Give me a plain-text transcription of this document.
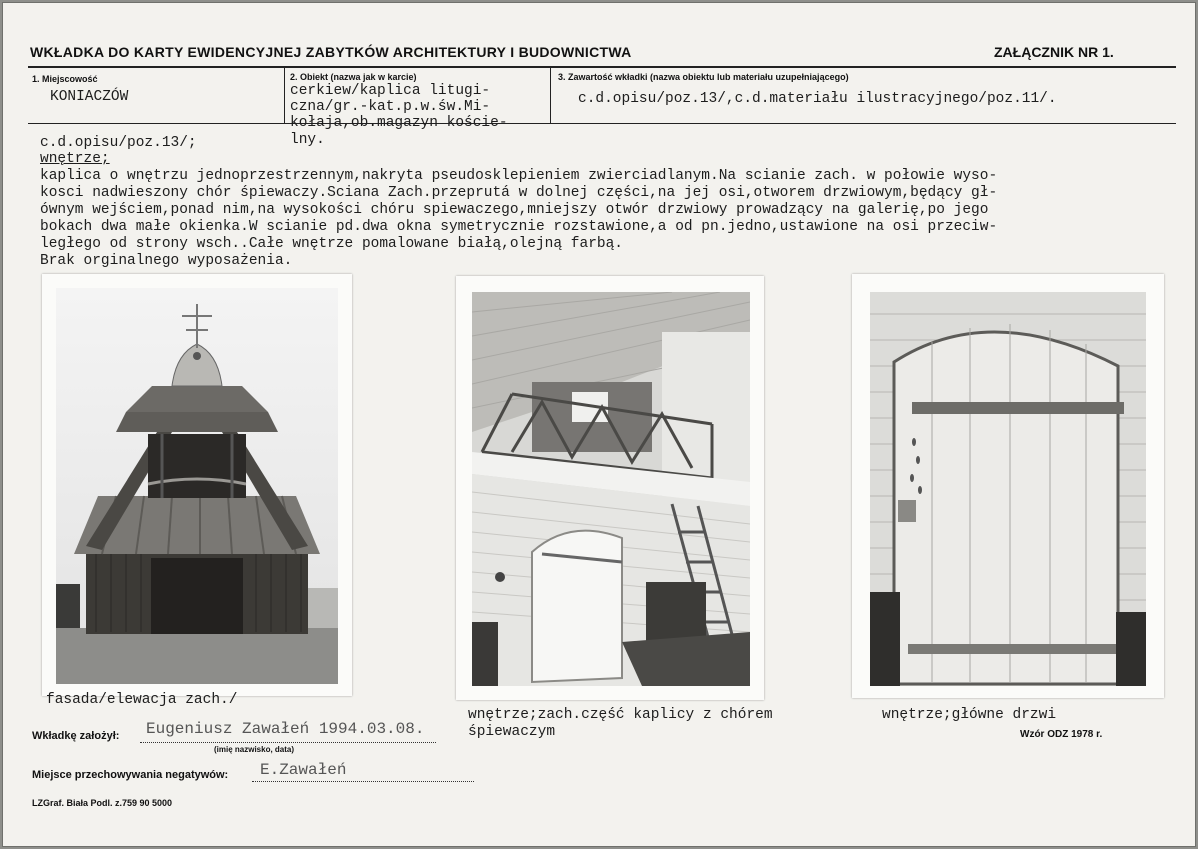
WKŁADKA DO KARTY EWIDENCYJNEJ ZABYTKÓW ARCHITEKTURY I BUDOWNICTWA	ZAŁĄCZNIK NR 1.
1. Miejscowość
KONIACZÓW
2. Obiekt (nazwa jak w karcie)
cerkiew/kaplica litugi-
czna/gr.-kat.p.w.św.Mi-
kołaja,ob.magazyn koście-
lny.
3. Zawartość wkładki (nazwa obiektu lub materiału uzupełniającego)
c.d.opisu/poz.13/,c.d.materiału ilustracyjnego/poz.11/.
c.d.opisu/poz.13/;
wnętrze;
kaplica o wnętrzu jednoprzestrzennym,nakryta pseudosklepieniem zwierciadlanym.Na scianie zach. w połowie wyso-
kosci nadwieszony chór śpiewaczy.Sciana Zach.przeprutá w dolnej części,na jej osi,otworem drzwiowym,będący gł-
ównym wejściem,ponad nim,na wysokości chóru spiewaczego,mniejszy otwór drzwiowy prowadzący na galerię,po jego
bokach dwa małe okienka.W scianie pd.dwa okna symetrycznie rozstawione,a od pn.jedno,ustawione na osi przeciw-
ległego od strony wsch..Całe wnętrze pomalowane białą,olejną farbą.
Brak orginalnego wyposażenia.
fasada/elewacja zach./
wnętrze;zach.część kaplicy z chórem
śpiewaczym
wnętrze;główne drzwi
Wkładkę założył: Eugeniusz Zawałeń 1994.03.08.
(imię nazwisko, data)
Wzór ODZ 1978 r.
Miejsce przechowywania negatywów: E.Zawałeń
LZGraf. Biała Podl. z.759 90 5000
